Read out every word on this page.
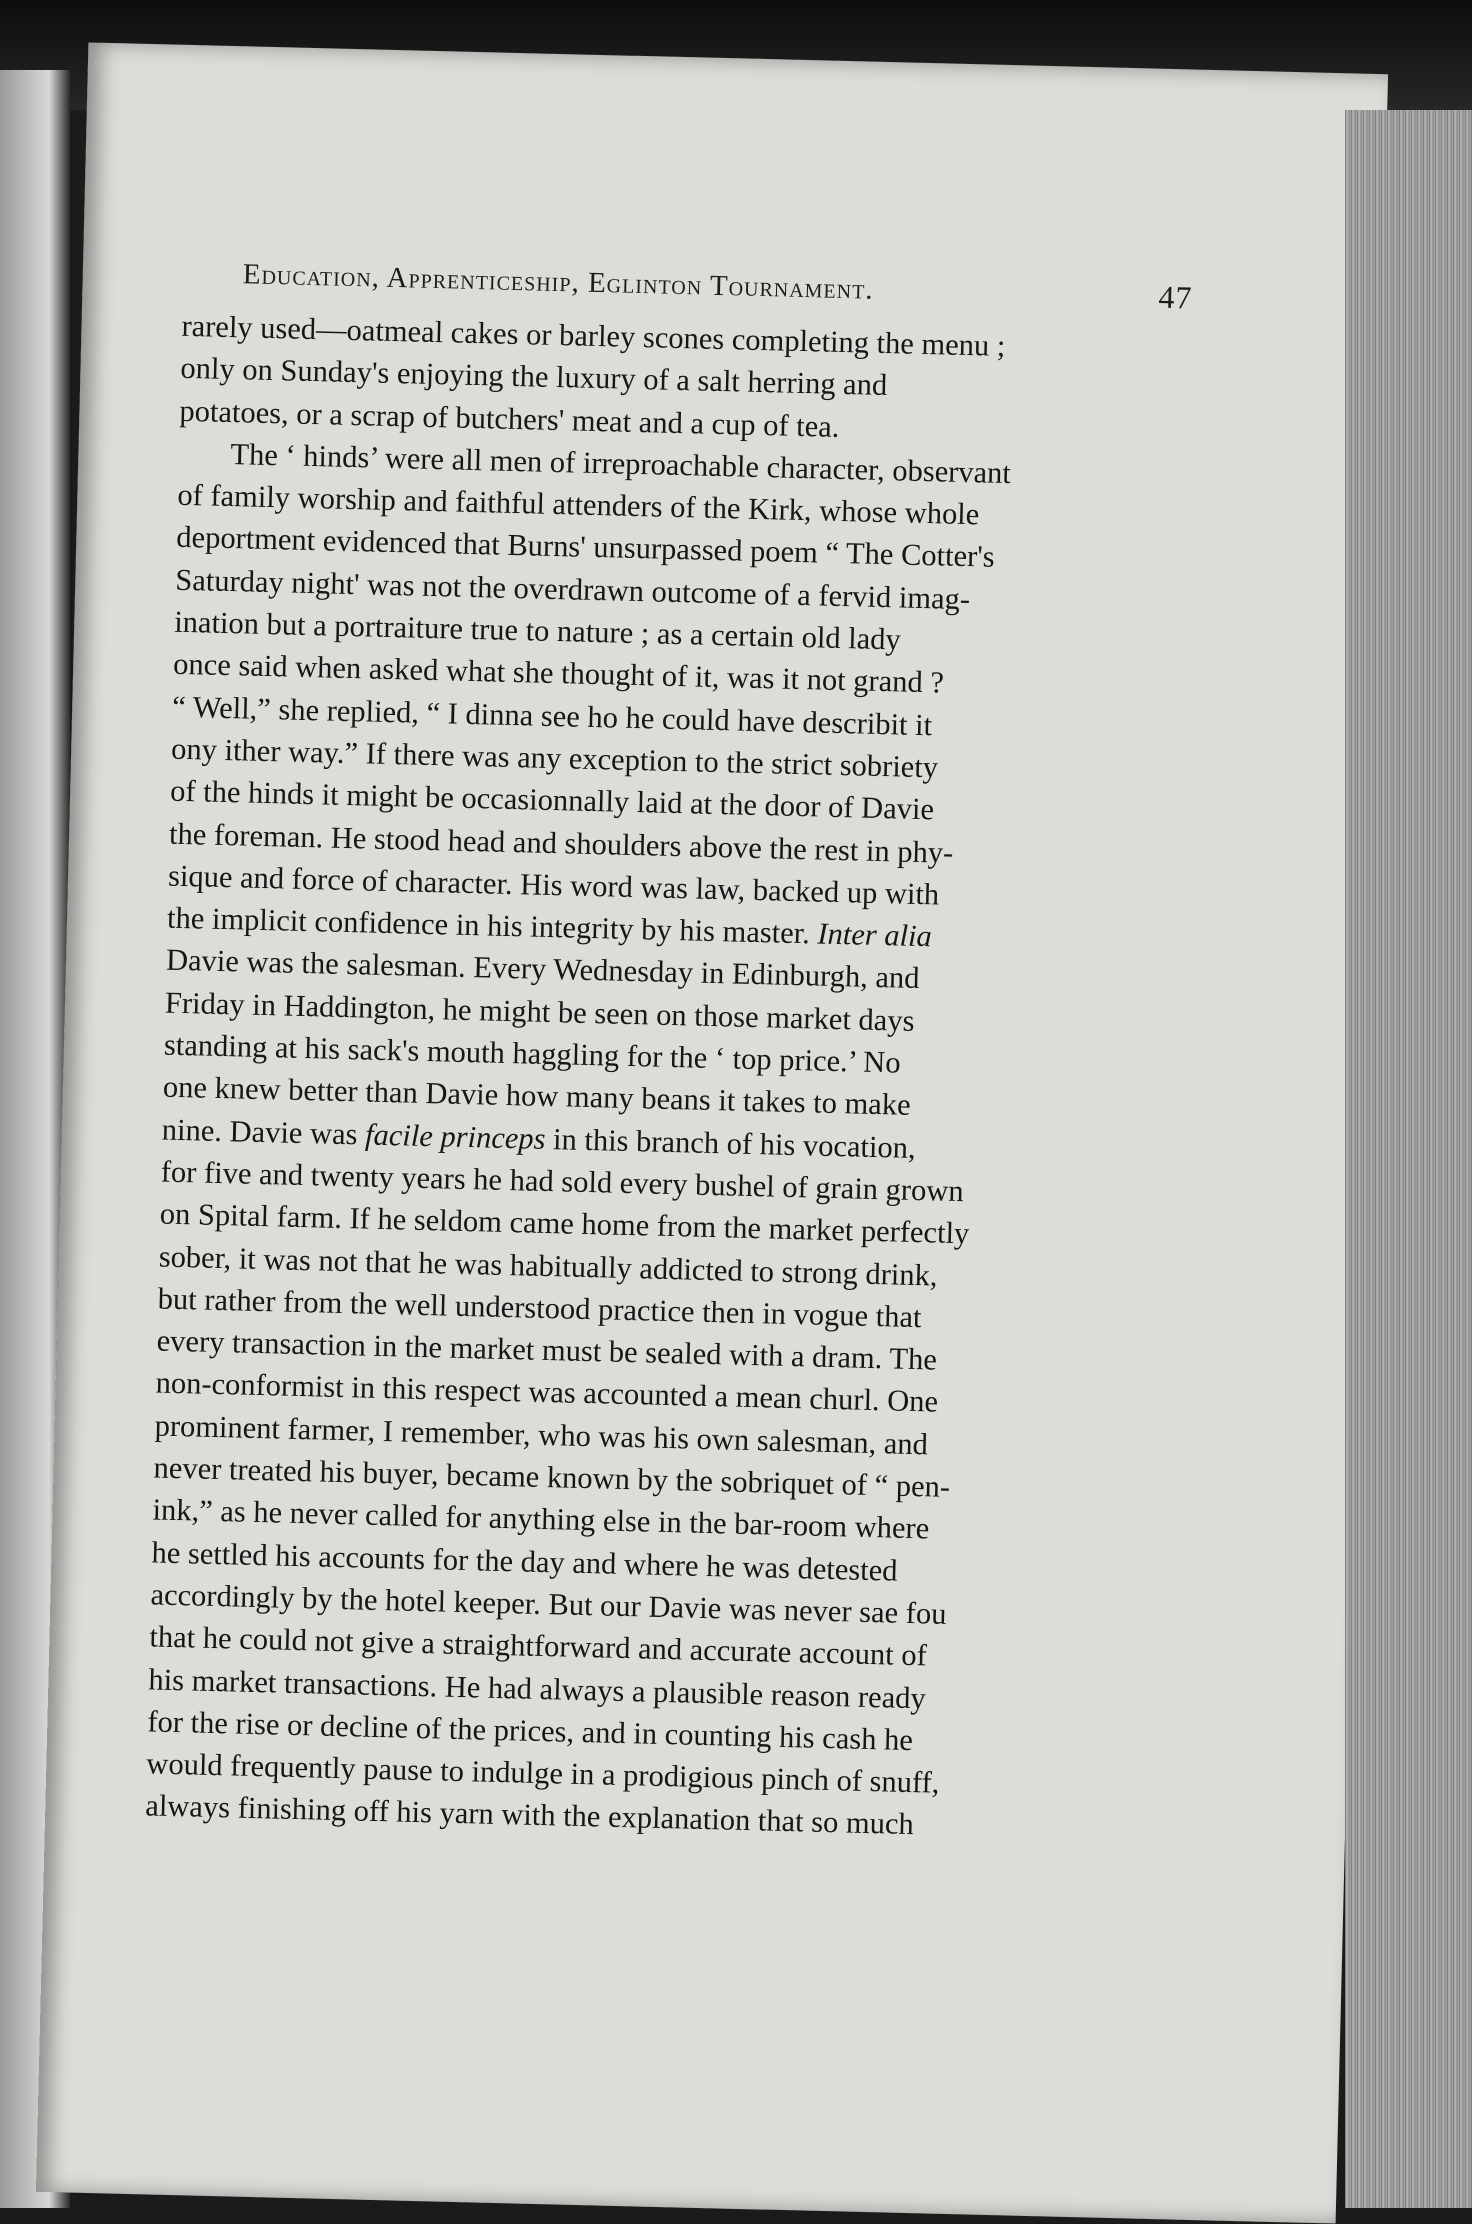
Education, Apprenticeship, Eglinton Tournament.	47

rarely used—oatmeal cakes or barley scones completing the menu ;
only on Sunday's enjoying the luxury of a salt herring and
potatoes, or a scrap of butchers' meat and a cup of tea.
The ‘ hinds’ were all men of irreproachable character, observant
of family worship and faithful attenders of the Kirk, whose whole
deportment evidenced that Burns' unsurpassed poem “ The Cotter's
Saturday night' was not the overdrawn outcome of a fervid imag-
ination but a portraiture true to nature ; as a certain old lady
once said when asked what she thought of it, was it not grand ?
“ Well,” she replied, “ I dinna see ho he could have describit it
ony ither way.” If there was any exception to the strict sobriety
of the hinds it might be occasionnally laid at the door of Davie
the foreman. He stood head and shoulders above the rest in phy-
sique and force of character. His word was law, backed up with
the implicit confidence in his integrity by his master. Inter alia
Davie was the salesman. Every Wednesday in Edinburgh, and
Friday in Haddington, he might be seen on those market days
standing at his sack's mouth haggling for the ‘ top price.’ No
one knew better than Davie how many beans it takes to make
nine. Davie was facile princeps in this branch of his vocation,
for five and twenty years he had sold every bushel of grain grown
on Spital farm. If he seldom came home from the market perfectly
sober, it was not that he was habitually addicted to strong drink,
but rather from the well understood practice then in vogue that
every transaction in the market must be sealed with a dram. The
non-conformist in this respect was accounted a mean churl. One
prominent farmer, I remember, who was his own salesman, and
never treated his buyer, became known by the sobriquet of “ pen-
ink,” as he never called for anything else in the bar-room where
he settled his accounts for the day and where he was detested
accordingly by the hotel keeper. But our Davie was never sae fou
that he could not give a straightforward and accurate account of
his market transactions. He had always a plausible reason ready
for the rise or decline of the prices, and in counting his cash he
would frequently pause to indulge in a prodigious pinch of snuff,
always finishing off his yarn with the explanation that so much
